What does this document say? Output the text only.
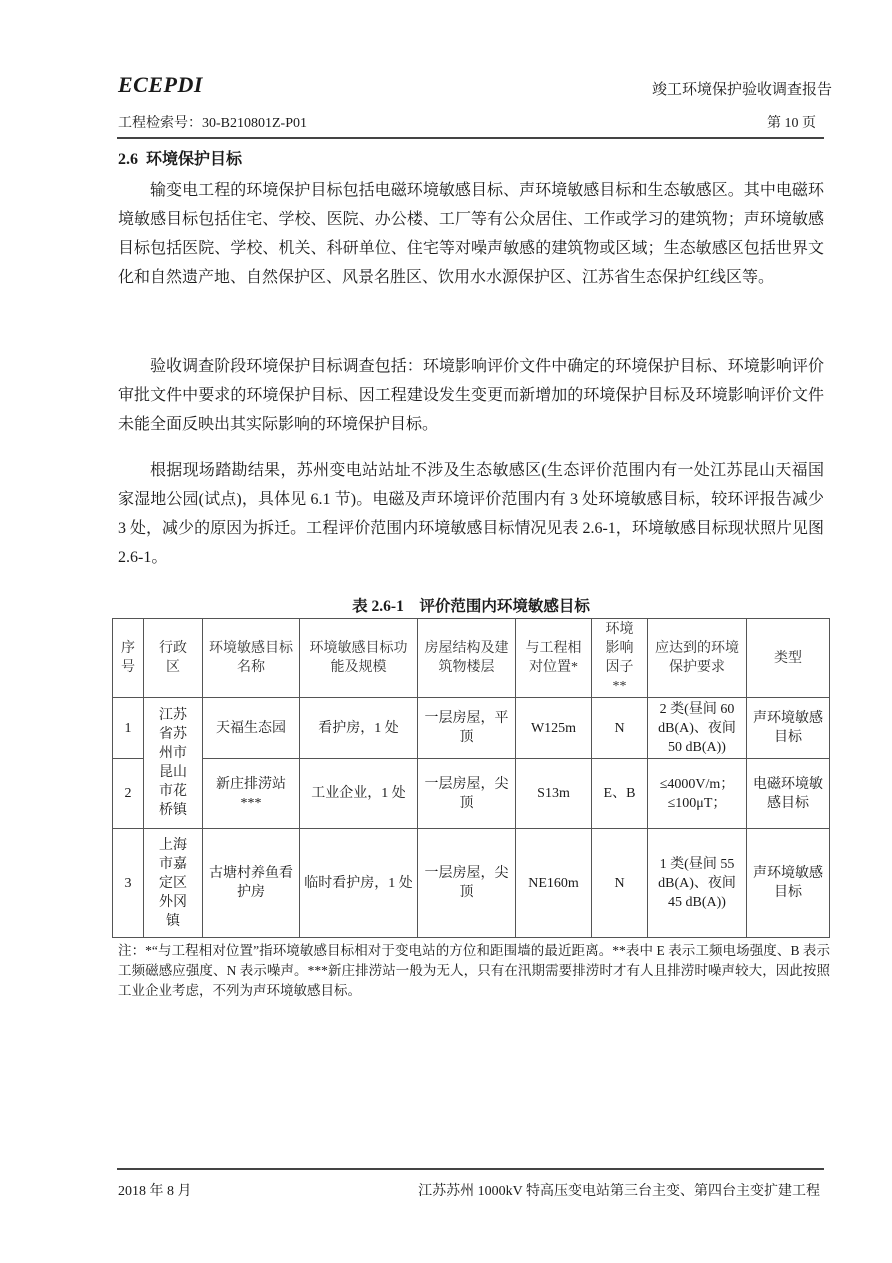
ECEPDI	竣工环境保护验收调查报告
工程检索号：30-B210801Z-P01	第 10 页
2.6  环境保护目标

输变电工程的环境保护目标包括电磁环境敏感目标、声环境敏感目标和生态敏感区。其中电磁环境敏感目标包括住宅、学校、医院、办公楼、工厂等有公众居住、工作或学习的建筑物；声环境敏感目标包括医院、学校、机关、科研单位、住宅等对噪声敏感的建筑物或区域；生态敏感区包括世界文化和自然遗产地、自然保护区、风景名胜区、饮用水水源保护区、江苏省生态保护红线区等。

验收调查阶段环境保护目标调查包括：环境影响评价文件中确定的环境保护目标、环境影响评价审批文件中要求的环境保护目标、因工程建设发生变更而新增加的环境保护目标及环境影响评价文件未能全面反映出其实际影响的环境保护目标。

根据现场踏勘结果，苏州变电站站址不涉及生态敏感区(生态评价范围内有一处江苏昆山天福国家湿地公园(试点)，具体见 6.1 节)。电磁及声环境评价范围内有 3 处环境敏感目标，较环评报告减少 3 处，减少的原因为拆迁。工程评价范围内环境敏感目标情况见表 2.6-1，环境敏感目标现状照片见图 2.6-1。

表 2.6-1    评价范围内环境敏感目标
序号	行政区	环境敏感目标名称	环境敏感目标功能及规模	房屋结构及建筑物楼层	与工程相对位置*	环境影响因子**	应达到的环境保护要求	类型
1	江苏省苏州市昆山市花桥镇	天福生态园	看护房，1 处	一层房屋，平顶	W125m	N	2 类(昼间 60 dB(A)、夜间 50 dB(A))	声环境敏感目标
2		新庄排涝站***	工业企业，1 处	一层房屋，尖顶	S13m	E、B	≤4000V/m；≤100μT；	电磁环境敏感目标
3	上海市嘉定区外冈镇	古塘村养鱼看护房	临时看护房，1 处	一层房屋，尖顶	NE160m	N	1 类(昼间 55 dB(A)、夜间 45 dB(A))	声环境敏感目标
注：*“与工程相对位置”指环境敏感目标相对于变电站的方位和距围墙的最近距离。**表中 E 表示工频电场强度、B 表示工频磁感应强度、N 表示噪声。***新庄排涝站一般为无人，只有在汛期需要排涝时才有人且排涝时噪声较大，因此按照工业企业考虑，不列为声环境敏感目标。
2018 年 8 月	江苏苏州 1000kV 特高压变电站第三台主变、第四台主变扩建工程
